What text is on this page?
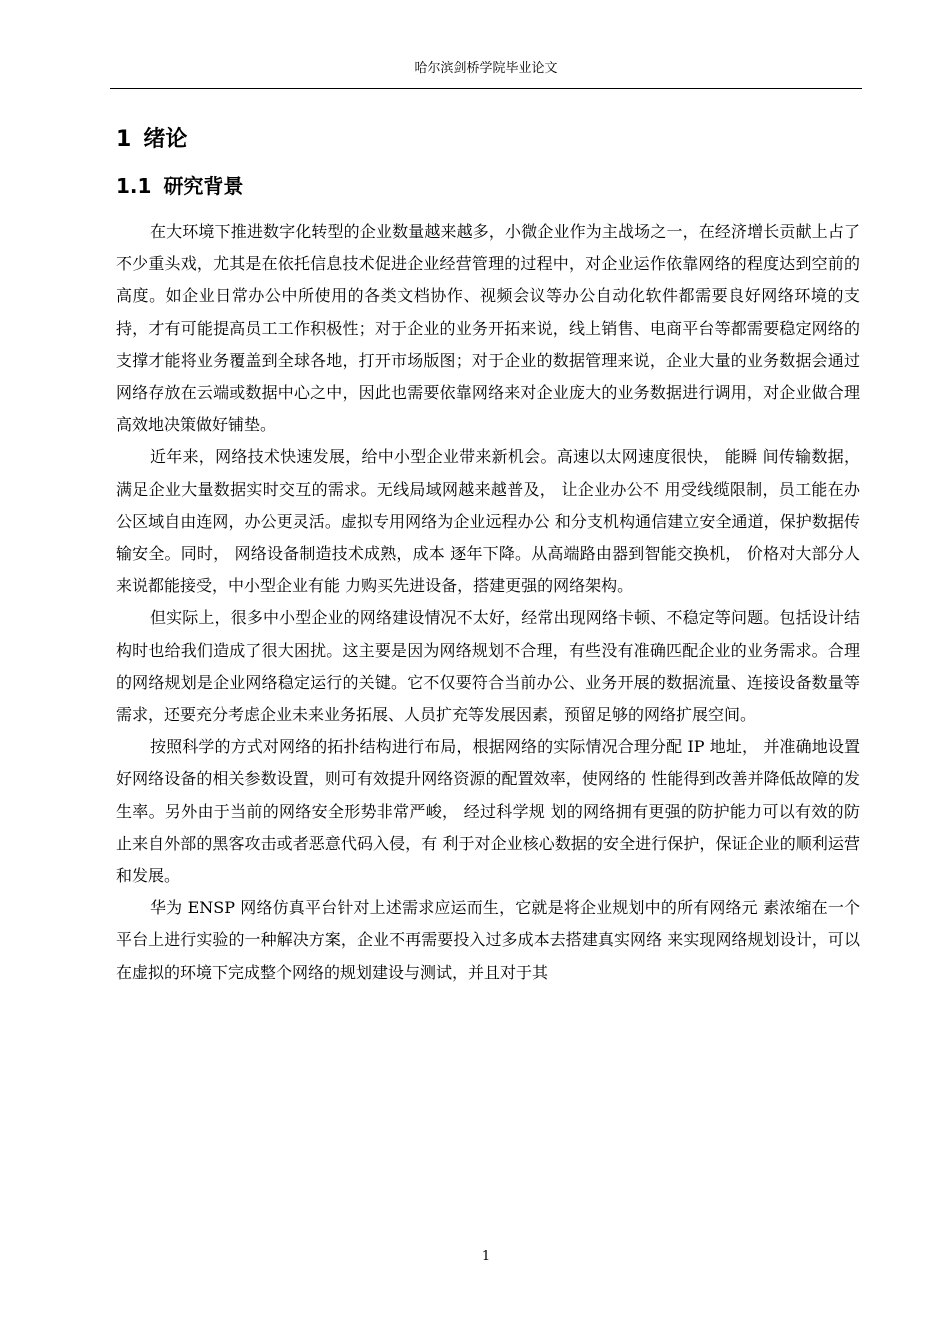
哈尔滨剑桥学院毕业论文
1 绪论
1.1 研究背景

在大环境下推进数字化转型的企业数量越来越多，小微企业作为主战场之一，在经济增长贡献上占了不少重头戏，尤其是在依托信息技术促进企业经营管理的过程中，对企业运作依靠网络的程度达到空前的高度。如企业日常办公中所使用的各类文档协作、视频会议等办公自动化软件都需要良好网络环境的支持，才有可能提高员工工作积极性；对于企业的业务开拓来说，线上销售、电商平台等都需要稳定网络的支撑才能将业务覆盖到全球各地，打开市场版图；对于企业的数据管理来说，企业大量的业务数据会通过网络存放在云端或数据中心之中，因此也需要依靠网络来对企业庞大的业务数据进行调用，对企业做合理高效地决策做好铺垫。

近年来，网络技术快速发展，给中小型企业带来新机会。高速以太网速度很快， 能瞬 间传输数据，满足企业大量数据实时交互的需求。无线局域网越来越普及， 让企业办公不 用受线缆限制，员工能在办公区域自由连网，办公更灵活。虚拟专用网络为企业远程办公 和分支机构通信建立安全通道，保护数据传输安全。同时， 网络设备制造技术成熟，成本 逐年下降。从高端路由器到智能交换机， 价格对大部分人来说都能接受，中小型企业有能 力购买先进设备，搭建更强的网络架构。

但实际上，很多中小型企业的网络建设情况不太好，经常出现网络卡顿、不稳定等问题。包括设计结构时也给我们造成了很大困扰。这主要是因为网络规划不合理，有些没有准确匹配企业的业务需求。合理的网络规划是企业网络稳定运行的关键。它不仅要符合当前办公、业务开展的数据流量、连接设备数量等需求，还要充分考虑企业未来业务拓展、人员扩充等发展因素，预留足够的网络扩展空间。

按照科学的方式对网络的拓扑结构进行布局，根据网络的实际情况合理分配 IP 地址， 并准确地设置好网络设备的相关参数设置，则可有效提升网络资源的配置效率，使网络的 性能得到改善并降低故障的发生率。另外由于当前的网络安全形势非常严峻， 经过科学规 划的网络拥有更强的防护能力可以有效的防止来自外部的黑客攻击或者恶意代码入侵，有 利于对企业核心数据的安全进行保护，保证企业的顺利运营和发展。

华为 ENSP 网络仿真平台针对上述需求应运而生，它就是将企业规划中的所有网络元 素浓缩在一个平台上进行实验的一种解决方案，企业不再需要投入过多成本去搭建真实网络 来实现网络规划设计，可以在虚拟的环境下完成整个网络的规划建设与测试，并且对于其

1
